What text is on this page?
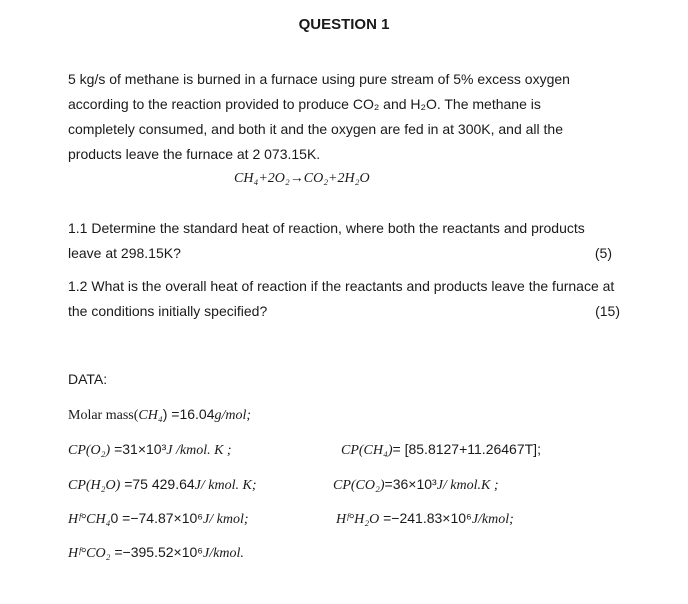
QUESTION 1
5 kg/s of methane is burned in a furnace using pure stream of 5% excess oxygen
according to the reaction provided to produce CO₂ and H₂O. The methane is
completely consumed, and both it and the oxygen are fed in at 300K, and all the
products leave the furnace at 2 073.15K.
CH₄+2O₂→CO₂+2H₂O
1.1 Determine the standard heat of reaction, where both the reactants and products
leave at 298.15K?	(5)
1.2 What is the overall heat of reaction if the reactants and products leave the furnace at
the conditions initially specified?	(15)
DATA:
Molar mass(CH₄) =16.04g/mol;
CP(O₂) =31×10³J /kmol. K ;	CP(CH₄)= [85.8127+11.26467T];
CP(H₂O) =75 429.64J/ kmol. K;	CP(CO₂)=36×10³J/ kmol.K ;
Hᶠ°CH₄0 =−74.87×10⁶J/ kmol;	Hᶠ°H₂O =−241.83×10⁶J/kmol;
Hᶠ°CO₂ =−395.52×10⁶J/kmol.
